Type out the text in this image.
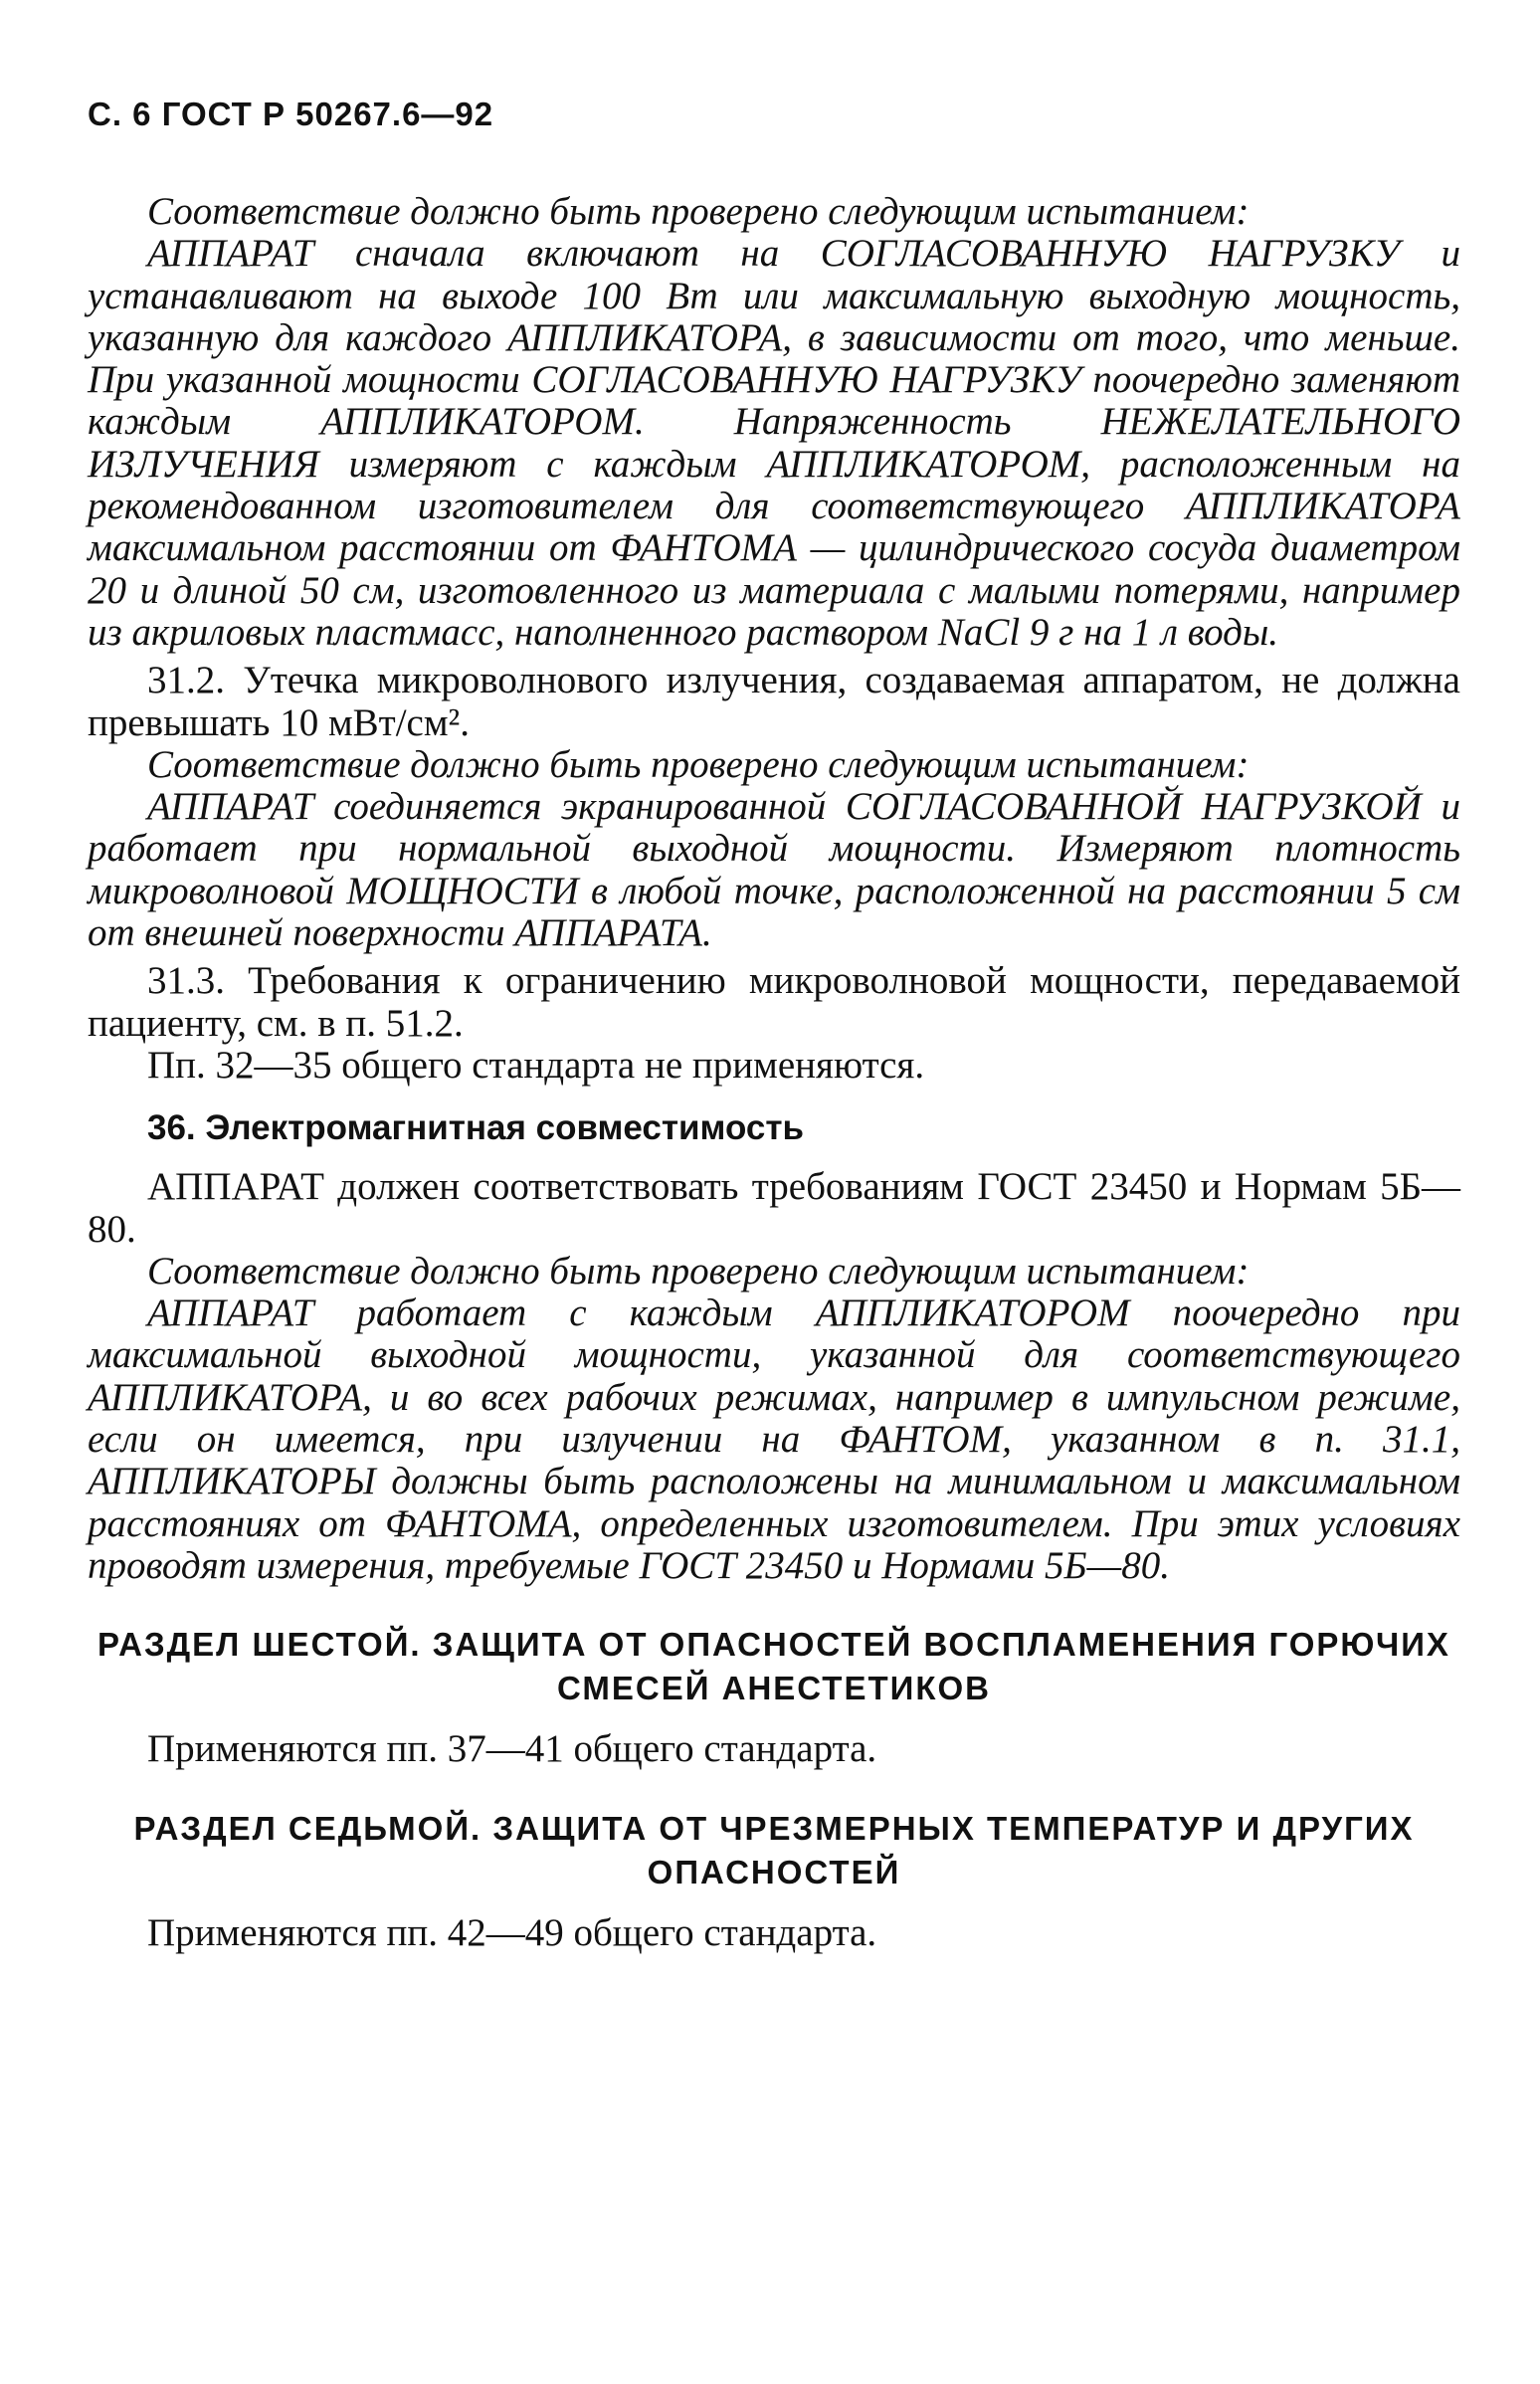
С. 6 ГОСТ Р 50267.6—92

Соответствие должно быть проверено следующим испытанием:

АППАРАТ сначала включают на СОГЛАСОВАННУЮ НАГРУЗКУ и устанавливают на выходе 100 Вт или максимальную выходную мощность, указанную для каждого АППЛИКАТОРА, в зависимости от того, что меньше. При указанной мощности СОГЛАСОВАННУЮ НАГРУЗКУ поочередно заменяют каждым АППЛИКАТОРОМ. Напряженность НЕЖЕЛАТЕЛЬНОГО ИЗЛУЧЕНИЯ измеряют с каждым АППЛИКАТОРОМ, расположенным на рекомендованном изготовителем для соответствующего АППЛИКАТОРА максимальном расстоянии от ФАНТОМА — цилиндрического сосуда диаметром 20 и длиной 50 см, изготовленного из материала с малыми потерями, например из акриловых пластмасс, наполненного раствором NaCl 9 г на 1 л воды.

31.2. Утечка микроволнового излучения, создаваемая аппаратом, не должна превышать 10 мВт/см².

Соответствие должно быть проверено следующим испытанием:

АППАРАТ соединяется экранированной СОГЛАСОВАННОЙ НАГРУЗКОЙ и работает при нормальной выходной мощности. Измеряют плотность микроволновой МОЩНОСТИ в любой точке, расположенной на расстоянии 5 см от внешней поверхности АППАРАТА.

31.3. Требования к ограничению микроволновой мощности, передаваемой пациенту, см. в п. 51.2.

Пп. 32—35 общего стандарта не применяются.

36. Электромагнитная совместимость

АППАРАТ должен соответствовать требованиям ГОСТ 23450 и Нормам 5Б—80.

Соответствие должно быть проверено следующим испытанием:

АППАРАТ работает с каждым АППЛИКАТОРОМ поочередно при максимальной выходной мощности, указанной для соответствующего АППЛИКАТОРА, и во всех рабочих режимах, например в импульсном режиме, если он имеется, при излучении на ФАНТОМ, указанном в п. 31.1, АППЛИКАТОРЫ должны быть расположены на минимальном и максимальном расстояниях от ФАНТОМА, определенных изготовителем. При этих условиях проводят измерения, требуемые ГОСТ 23450 и Нормами 5Б—80.

РАЗДЕЛ ШЕСТОЙ. ЗАЩИТА ОТ ОПАСНОСТЕЙ ВОСПЛАМЕНЕНИЯ ГОРЮЧИХ СМЕСЕЙ АНЕСТЕТИКОВ

Применяются пп. 37—41 общего стандарта.

РАЗДЕЛ СЕДЬМОЙ. ЗАЩИТА ОТ ЧРЕЗМЕРНЫХ ТЕМПЕРАТУР И ДРУГИХ ОПАСНОСТЕЙ

Применяются пп. 42—49 общего стандарта.
